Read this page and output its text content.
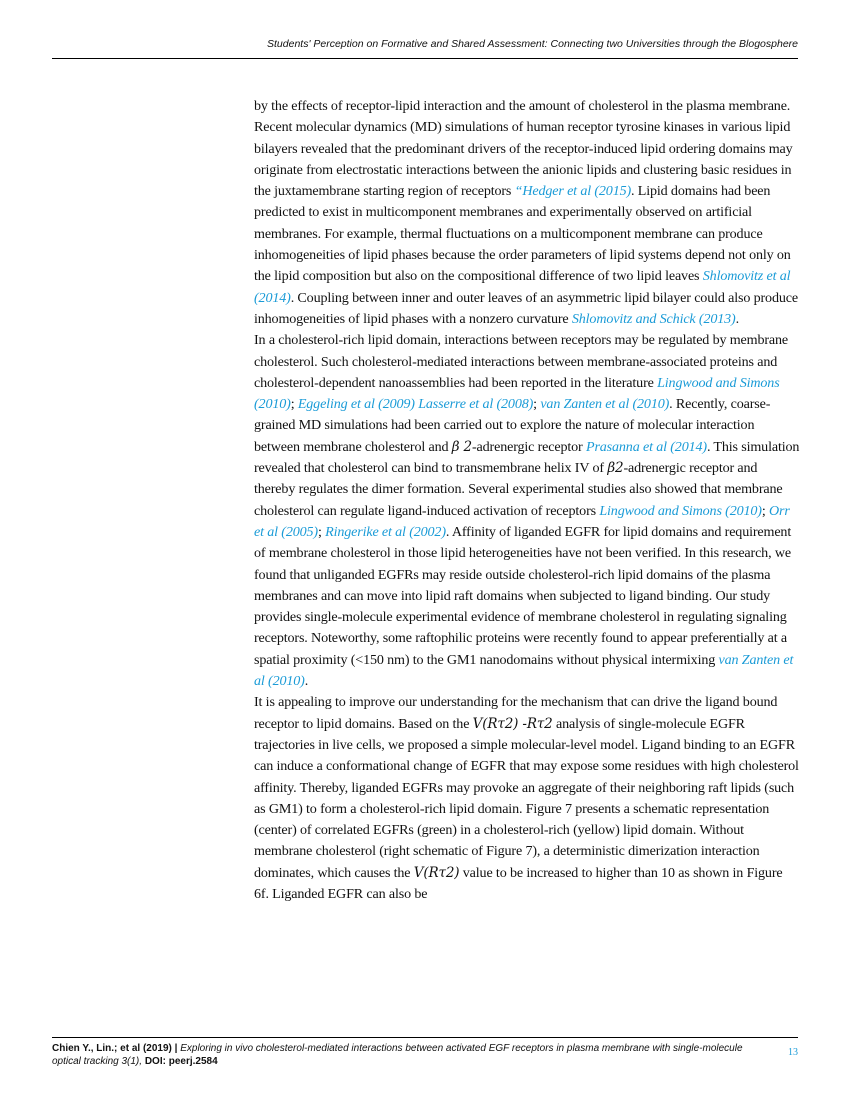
Students' Perception on Formative and Shared Assessment: Connecting two Universities through the Blogosphere

by the effects of receptor-lipid interaction and the amount of cholesterol in the plasma membrane. Recent molecular dynamics (MD) simulations of human receptor tyrosine kinases in various lipid bilayers revealed that the predominant drivers of the receptor-induced lipid ordering domains may originate from electrostatic interactions between the anionic lipids and clustering basic residues in the juxtamembrane starting region of receptors “Hedger et al (2015). Lipid domains had been predicted to exist in multicomponent membranes and experimentally observed on artificial membranes. For example, thermal fluctuations on a multicomponent membrane can produce inhomogeneities of lipid phases because the order parameters of lipid systems depend not only on the lipid composition but also on the compositional difference of two lipid leaves Shlomovitz et al (2014). Coupling between inner and outer leaves of an asymmetric lipid bilayer could also produce inhomogeneities of lipid phases with a nonzero curvature Shlomovitz and Schick (2013).

In a cholesterol-rich lipid domain, interactions between receptors may be regulated by membrane cholesterol. Such cholesterol-mediated interactions between membrane-associated proteins and cholesterol-dependent nanoassemblies had been reported in the literature Lingwood and Simons (2010); Eggeling et al (2009) Lasserre et al (2008); van Zanten et al (2010). Recently, coarse-grained MD simulations had been carried out to explore the nature of molecular interaction between membrane cholesterol and β 2-adrenergic receptor Prasanna et al (2014). This simulation revealed that cholesterol can bind to transmembrane helix IV of β2-adrenergic receptor and thereby regulates the dimer formation. Several experimental studies also showed that membrane cholesterol can regulate ligand-induced activation of receptors Lingwood and Simons (2010); Orr et al (2005); Ringerike et al (2002). Affinity of liganded EGFR for lipid domains and requirement of membrane cholesterol in those lipid heterogeneities have not been verified. In this research, we found that unliganded EGFRs may reside outside cholesterol-rich lipid domains of the plasma membranes and can move into lipid raft domains when subjected to ligand binding. Our study provides single-molecule experimental evidence of membrane cholesterol in regulating signaling receptors. Noteworthy, some raftophilic proteins were recently found to appear preferentially at a spatial proximity (<150 nm) to the GM1 nanodomains without physical intermixing van Zanten et al (2010).

It is appealing to improve our understanding for the mechanism that can drive the ligand bound receptor to lipid domains. Based on the V(Rτ2) -Rτ2 analysis of single-molecule EGFR trajectories in live cells, we proposed a simple molecular-level model. Ligand binding to an EGFR can induce a conformational change of EGFR that may expose some residues with high cholesterol affinity. Thereby, liganded EGFRs may provoke an aggregate of their neighboring raft lipids (such as GM1) to form a cholesterol-rich lipid domain. Figure 7 presents a schematic representation (center) of correlated EGFRs (green) in a cholesterol-rich (yellow) lipid domain. Without membrane cholesterol (right schematic of Figure 7), a deterministic dimerization interaction dominates, which causes the V(Rτ2) value to be increased to higher than 10 as shown in Figure 6f. Liganded EGFR can also be

Chien Y., Lin.; et al (2019) | Exploring in vivo cholesterol-mediated interactions between activated EGF receptors in plasma membrane with single-molecule optical tracking 3(1), DOI: peerj.2584
13
